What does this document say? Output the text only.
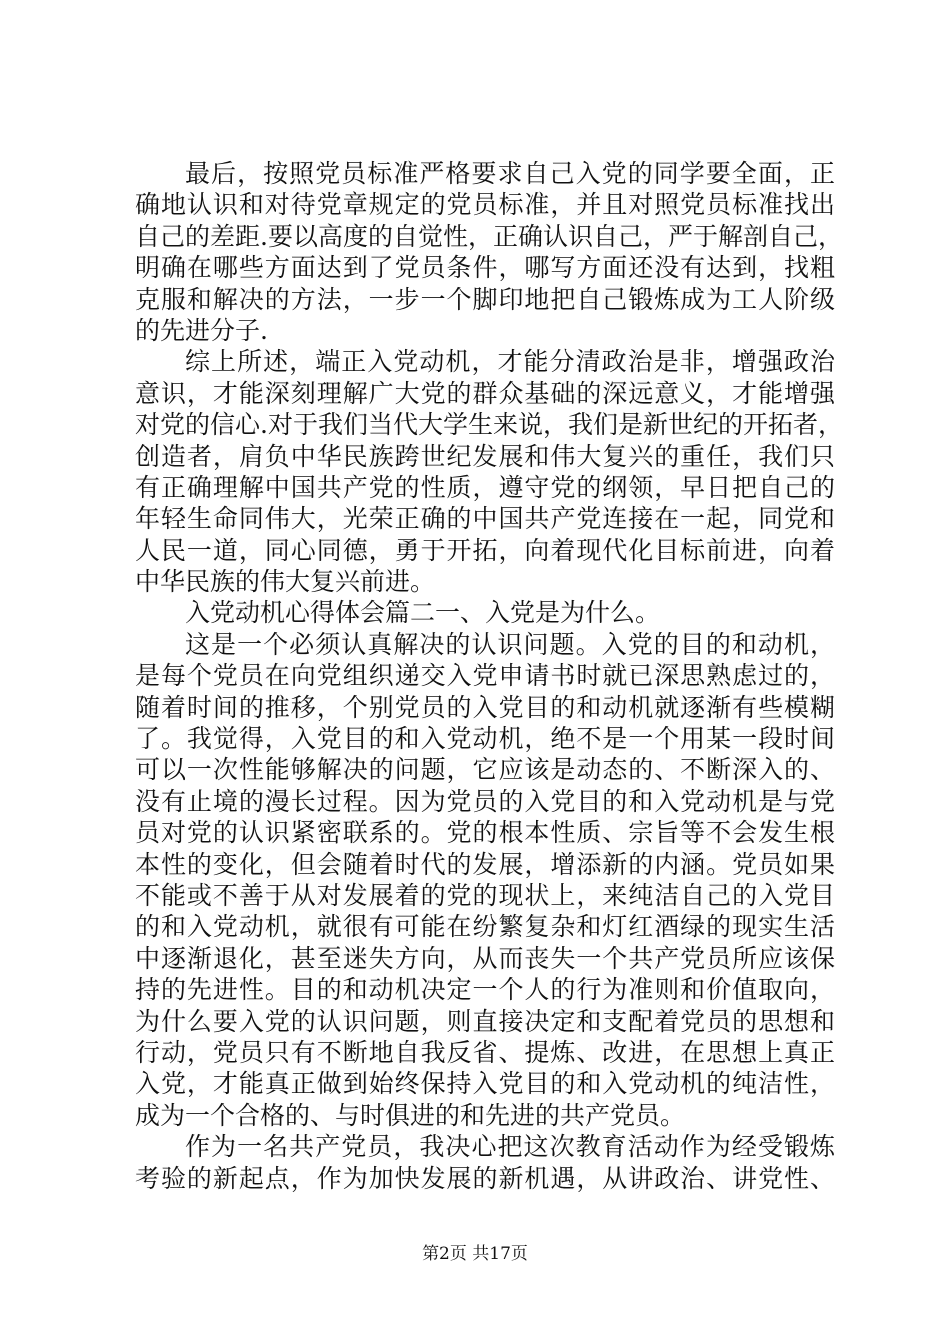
最后，按照党员标准严格要求自己入党的同学要全面，正
确地认识和对待党章规定的党员标准，并且对照党员标准找出
自己的差距.要以高度的自觉性，正确认识自己，严于解剖自己，
明确在哪些方面达到了党员条件，哪写方面还没有达到，找粗
克服和解决的方法，一步一个脚印地把自己锻炼成为工人阶级
的先进分子.
综上所述，端正入党动机，才能分清政治是非，增强政治
意识，才能深刻理解广大党的群众基础的深远意义，才能增强
对党的信心.对于我们当代大学生来说，我们是新世纪的开拓者，
创造者，肩负中华民族跨世纪发展和伟大复兴的重任，我们只
有正确理解中国共产党的性质，遵守党的纲领，早日把自己的
年轻生命同伟大，光荣正确的中国共产党连接在一起，同党和
人民一道，同心同德，勇于开拓，向着现代化目标前进，向着
中华民族的伟大复兴前进。
入党动机心得体会篇二一、入党是为什么。
这是一个必须认真解决的认识问题。入党的目的和动机，
是每个党员在向党组织递交入党申请书时就已深思熟虑过的，
随着时间的推移，个别党员的入党目的和动机就逐渐有些模糊
了。我觉得，入党目的和入党动机，绝不是一个用某一段时间
可以一次性能够解决的问题，它应该是动态的、不断深入的、
没有止境的漫长过程。因为党员的入党目的和入党动机是与党
员对党的认识紧密联系的。党的根本性质、宗旨等不会发生根
本性的变化，但会随着时代的发展，增添新的内涵。党员如果
不能或不善于从对发展着的党的现状上，来纯洁自己的入党目
的和入党动机，就很有可能在纷繁复杂和灯红酒绿的现实生活
中逐渐退化，甚至迷失方向，从而丧失一个共产党员所应该保
持的先进性。目的和动机决定一个人的行为准则和价值取向，
为什么要入党的认识问题，则直接决定和支配着党员的思想和
行动，党员只有不断地自我反省、提炼、改进，在思想上真正
入党，才能真正做到始终保持入党目的和入党动机的纯洁性，
成为一个合格的、与时俱进的和先进的共产党员。
作为一名共产党员，我决心把这次教育活动作为经受锻炼
考验的新起点，作为加快发展的新机遇，从讲政治、讲党性、
第2页 共17页
